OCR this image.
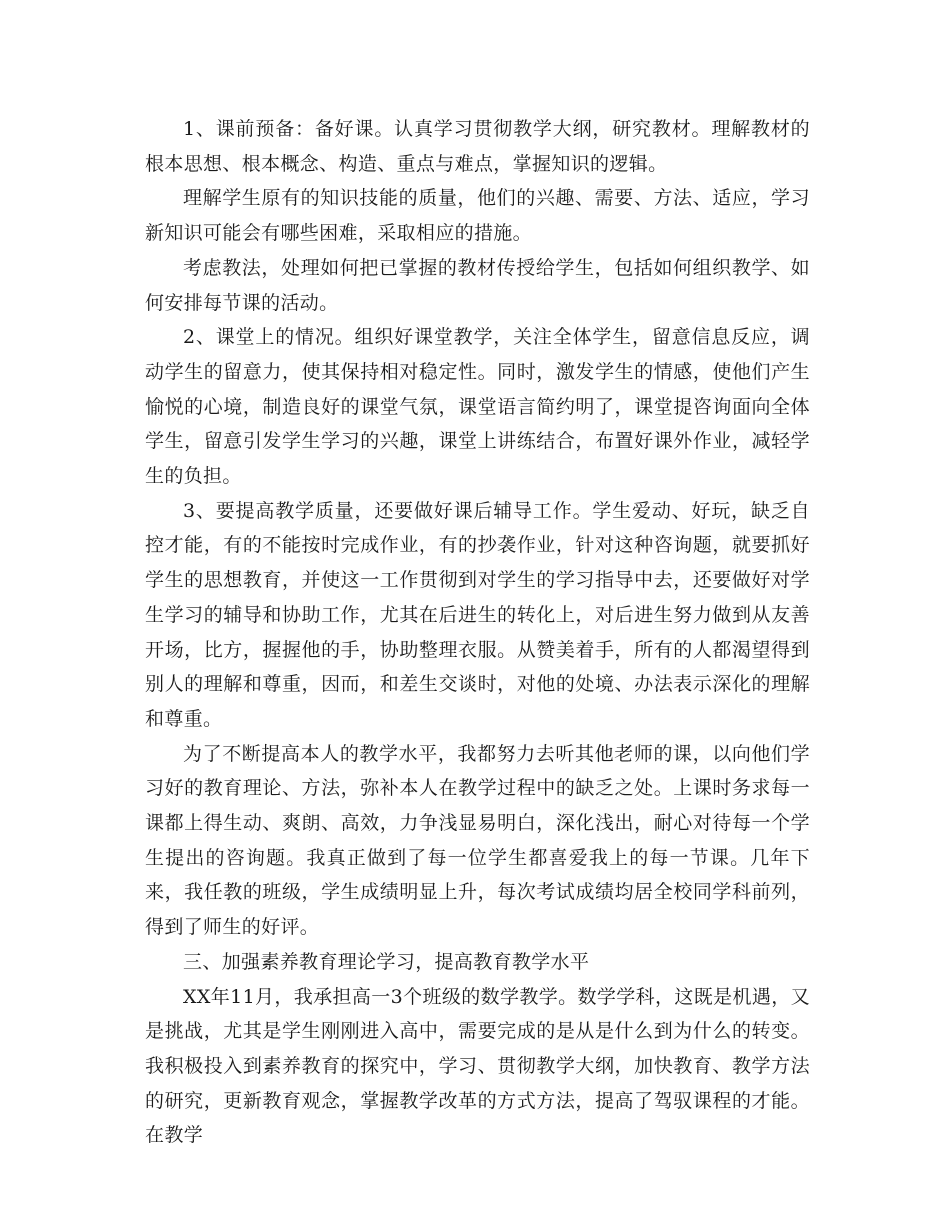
1、课前预备：备好课。认真学习贯彻教学大纲，研究教材。理解教材的根本思想、根本概念、构造、重点与难点，掌握知识的逻辑。

理解学生原有的知识技能的质量，他们的兴趣、需要、方法、适应，学习新知识可能会有哪些困难，采取相应的措施。

考虑教法，处理如何把已掌握的教材传授给学生，包括如何组织教学、如何安排每节课的活动。

2、课堂上的情况。组织好课堂教学，关注全体学生，留意信息反应，调动学生的留意力，使其保持相对稳定性。同时，激发学生的情感，使他们产生愉悦的心境，制造良好的课堂气氛，课堂语言简约明了，课堂提咨询面向全体学生，留意引发学生学习的兴趣，课堂上讲练结合，布置好课外作业，减轻学生的负担。

3、要提高教学质量，还要做好课后辅导工作。学生爱动、好玩，缺乏自控才能，有的不能按时完成作业，有的抄袭作业，针对这种咨询题，就要抓好学生的思想教育，并使这一工作贯彻到对学生的学习指导中去，还要做好对学生学习的辅导和协助工作，尤其在后进生的转化上，对后进生努力做到从友善开场，比方，握握他的手，协助整理衣服。从赞美着手，所有的人都渴望得到别人的理解和尊重，因而，和差生交谈时，对他的处境、办法表示深化的理解和尊重。

为了不断提高本人的教学水平，我都努力去听其他老师的课，以向他们学习好的教育理论、方法，弥补本人在教学过程中的缺乏之处。上课时务求每一课都上得生动、爽朗、高效，力争浅显易明白，深化浅出，耐心对待每一个学生提出的咨询题。我真正做到了每一位学生都喜爱我上的每一节课。几年下来，我任教的班级，学生成绩明显上升，每次考试成绩均居全校同学科前列，得到了师生的好评。

三、加强素养教育理论学习，提高教育教学水平

XX年11月，我承担高一3个班级的数学教学。数学学科，这既是机遇，又是挑战，尤其是学生刚刚进入高中，需要完成的是从是什么到为什么的转变。我积极投入到素养教育的探究中，学习、贯彻教学大纲，加快教育、教学方法的研究，更新教育观念，掌握教学改革的方式方法，提高了驾驭课程的才能。在教学
